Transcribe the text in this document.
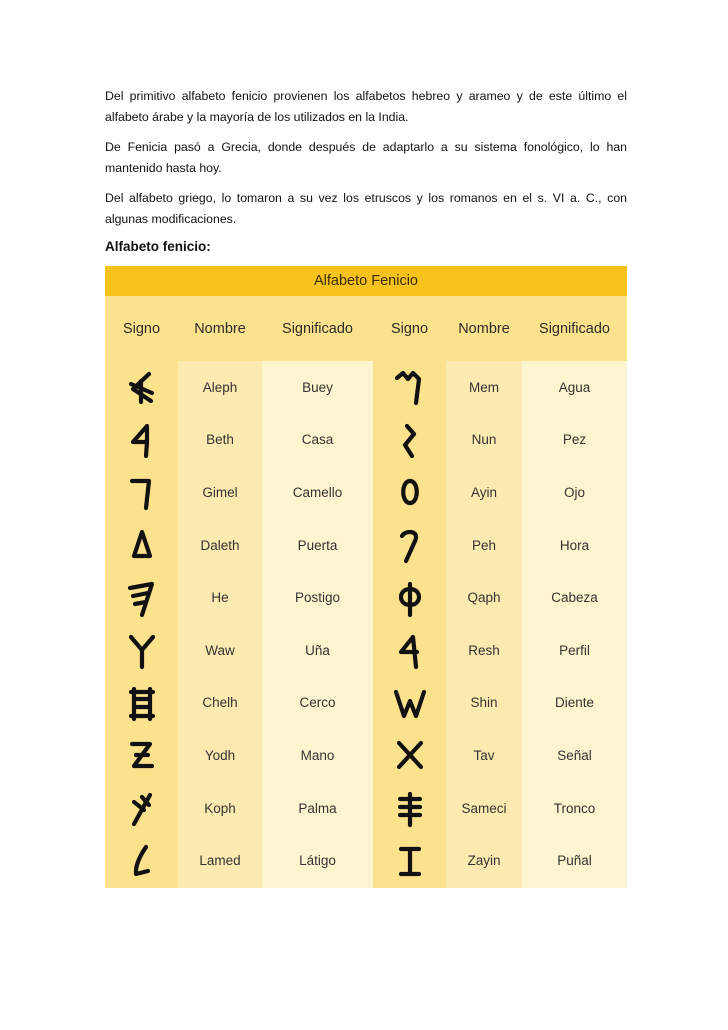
Del primitivo alfabeto fenicio provienen los alfabetos hebreo y arameo y de este último el alfabeto árabe y la mayoría de los utilizados en la India.

De Fenicia pasó a Grecia, donde después de adaptarlo a su sistema fonológico, lo han mantenido hasta hoy.

Del alfabeto griego, lo tomaron a su vez los etruscos y los romanos en el s. VI a. C., con algunas modificaciones.

Alfabeto fenicio:
Alfabeto Fenicio
Signo	Nombre
Aleph
Beth
Gimel
Daleth
He
Waw
Chelh
Yodh
Koph
Lamed
Significado
Buey
Casa
Camello
Puerta
Postigo
Uña
Cerco
Mano
Palma
Látigo
Signo	Nombre
Mem
Nun
Ayin
Peh
Qaph
Resh
Shin
Tav
Sameci
Zayin
Significado
Agua
Pez
Ojo
Hora
Cabeza
Perfil
Diente
Señal
Tronco
Puñal
